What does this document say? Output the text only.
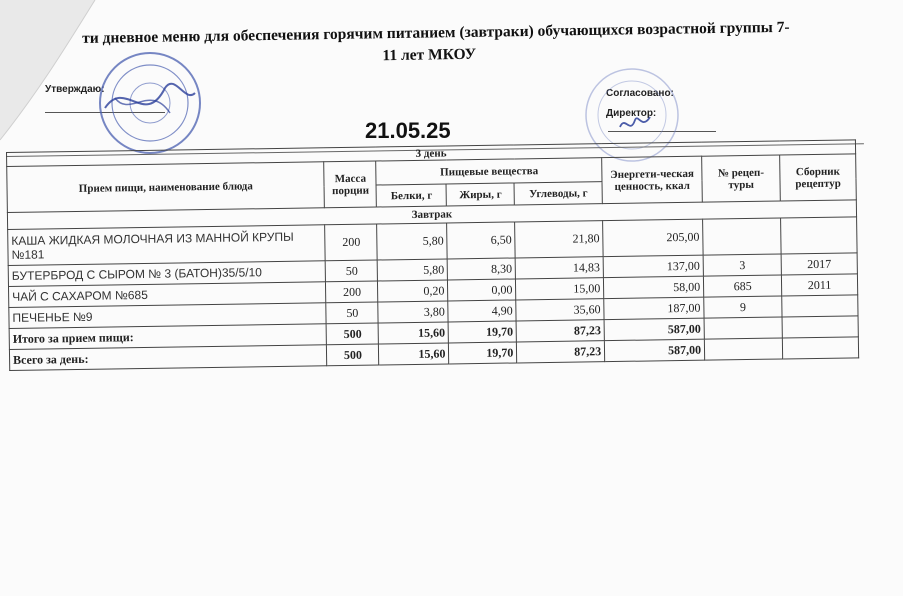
ти дневное меню для обеспечения горячим питанием (завтраки) обучающихся возрастной группы 7-
11 лет МКОУ
Утверждаю:	Согласовано:
Директор:
21.05.25
3 день							
Прием пищи, наименование блюда	Масса порции	Пищевые вещества			Энергети-ческая ценность, ккал	№ рецеп-туры	Сборник рецептур
		Белки, г	Жиры, г	Углеводы, г			
Завтрак							
КАША ЖИДКАЯ МОЛОЧНАЯ ИЗ МАННОЙ КРУПЫ №181	200	5,80	6,50	21,80	205,00		
БУТЕРБРОД С СЫРОМ № 3 (БАТОН)35/5/10	50	5,80	8,30	14,83	137,00	3	2017
ЧАЙ С САХАРОМ №685	200	0,20	0,00	15,00	58,00	685	2011
ПЕЧЕНЬЕ №9	50	3,80	4,90	35,60	187,00	9	
Итого за прием пищи:	500	15,60	19,70	87,23	587,00		
Всего за день:	500	15,60	19,70	87,23	587,00		
